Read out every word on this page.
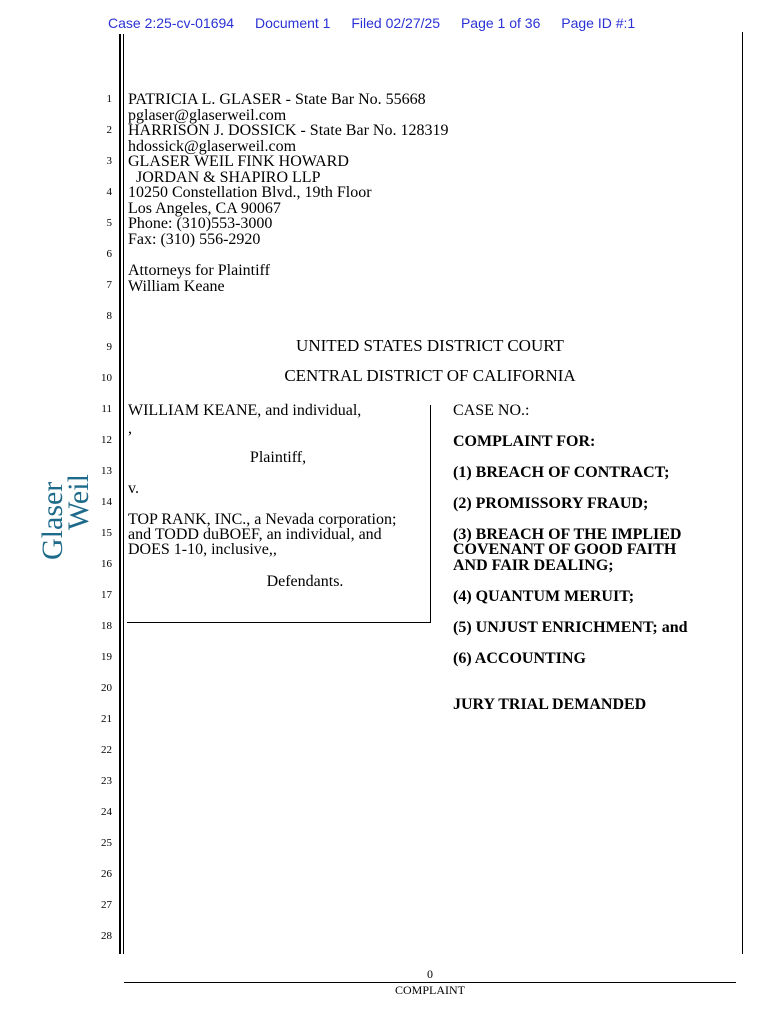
Case 2:25-cv-01694 Document 1 Filed 02/27/25 Page 1 of 36 Page ID #:1
Glaser
Weil
1
2
3
4
5
6
7
8
9
10
11
12
13
14
15
16
17
18
19
20
21
22
23
24
25
26
27
28
PATRICIA L. GLASER - State Bar No. 55668
pglaser@glaserweil.com
HARRISON J. DOSSICK - State Bar No. 128319
hdossick@glaserweil.com
GLASER WEIL FINK HOWARD
JORDAN & SHAPIRO LLP
10250 Constellation Blvd., 19th Floor
Los Angeles, CA 90067
Phone: (310)553-3000
Fax: (310) 556-2920
Attorneys for Plaintiff
William Keane
UNITED STATES DISTRICT COURT
CENTRAL DISTRICT OF CALIFORNIA
WILLIAM KEANE, and individual,
,
Plaintiff,
v.
TOP RANK, INC., a Nevada corporation;
and TODD duBOEF, an individual, and
DOES 1-10, inclusive,,
Defendants.
CASE NO.:
COMPLAINT FOR:
(1) BREACH OF CONTRACT;
(2) PROMISSORY FRAUD;
(3) BREACH OF THE IMPLIED
COVENANT OF GOOD FAITH
AND FAIR DEALING;
(4) QUANTUM MERUIT;
(5) UNJUST ENRICHMENT; and
(6) ACCOUNTING
JURY TRIAL DEMANDED
0
COMPLAINT
